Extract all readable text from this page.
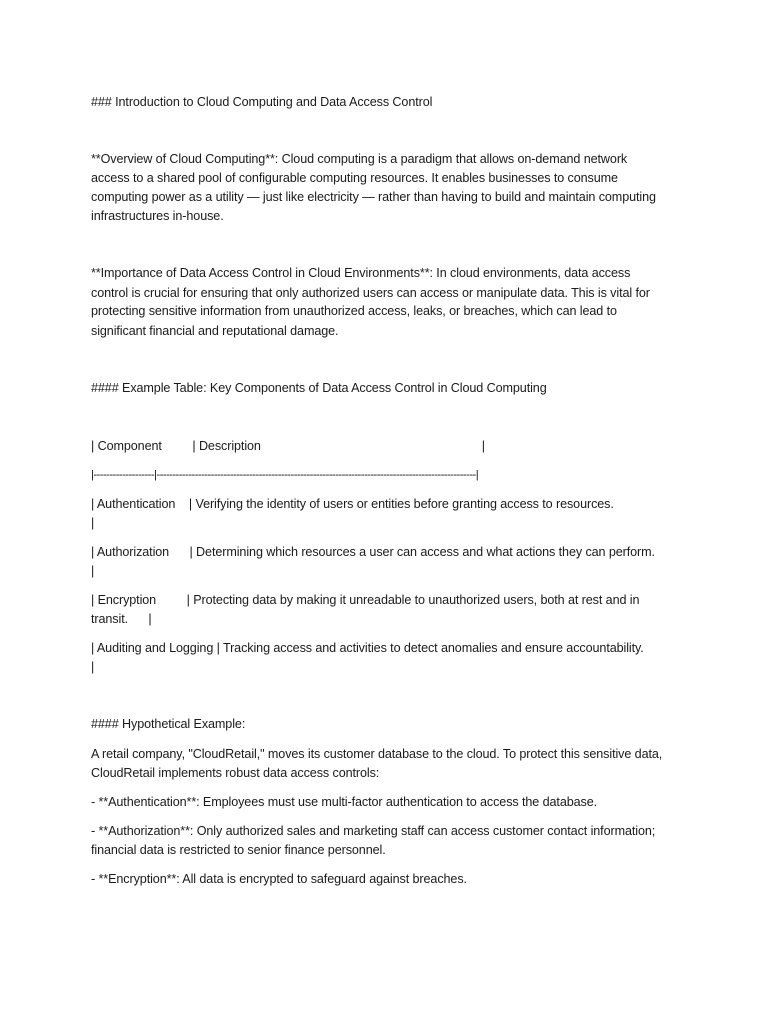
### Introduction to Cloud Computing and Data Access Control
**Overview of Cloud Computing**: Cloud computing is a paradigm that allows on-demand network
access to a shared pool of configurable computing resources. It enables businesses to consume
computing power as a utility — just like electricity — rather than having to build and maintain computing
infrastructures in-house.
**Importance of Data Access Control in Cloud Environments**: In cloud environments, data access
control is crucial for ensuring that only authorized users can access or manipulate data. This is vital for
protecting sensitive information from unauthorized access, leaks, or breaches, which can lead to
significant financial and reputational damage.
#### Example Table: Key Components of Data Access Control in Cloud Computing
| Component         | Description                                                                 |
|-------------------|----------------------------------------------------------------------------------------------------|
| Authentication    | Verifying the identity of users or entities before granting access to resources.
|
| Authorization      | Determining which resources a user can access and what actions they can perform.
|
| Encryption         | Protecting data by making it unreadable to unauthorized users, both at rest and in
transit.      |
| Auditing and Logging | Tracking access and activities to detect anomalies and ensure accountability.
|
#### Hypothetical Example:
A retail company, "CloudRetail," moves its customer database to the cloud. To protect this sensitive data,
CloudRetail implements robust data access controls:
- **Authentication**: Employees must use multi-factor authentication to access the database.
- **Authorization**: Only authorized sales and marketing staff can access customer contact information;
financial data is restricted to senior finance personnel.
- **Encryption**: All data is encrypted to safeguard against breaches.
